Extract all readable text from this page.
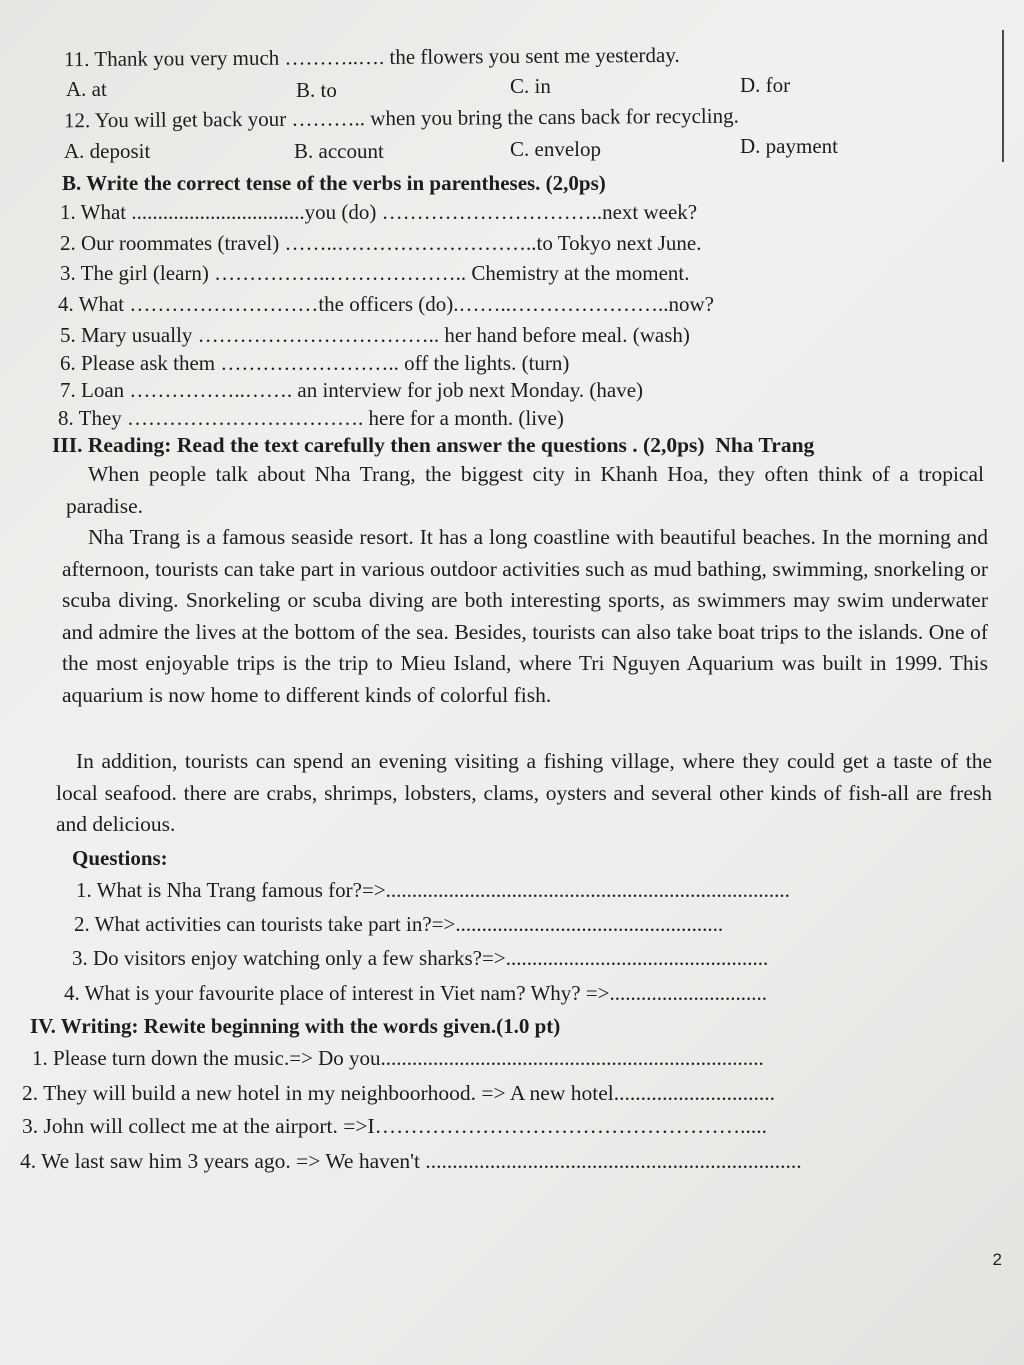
11. Thank you very much ………..…. the flowers you sent me yesterday.
A. at	B. to	C. in	D. for
12. You will get back your ……….. when you bring the cans back for recycling.
A. deposit	B. account	C. envelop	D. payment
B. Write the correct tense of the verbs in parentheses. (2,0ps)
1. What .................................you (do) …………………………..next week?
2. Our roommates (travel) ……..………………………..to Tokyo next June.
3. The girl (learn) ……………..……………….. Chemistry at the moment.
4. What ………………………the officers (do).……..…………………..now?
5. Mary usually …………………………….. her hand before meal. (wash)
6. Please ask them …………………….. off the lights. (turn)
7. Loan ……………..……. an interview for job next Monday. (have)
8. They ……………………………. here for a month. (live)
III. Reading: Read the text carefully then answer the questions . (2,0ps) Nha Trang

When people talk about Nha Trang, the biggest city in Khanh Hoa, they often think of a tropical paradise.

Nha Trang is a famous seaside resort. It has a long coastline with beautiful beaches. In the morning and afternoon, tourists can take part in various outdoor activities such as mud bathing, swimming, snorkeling or scuba diving. Snorkeling or scuba diving are both interesting sports, as swimmers may swim underwater and admire the lives at the bottom of the sea. Besides, tourists can also take boat trips to the islands. One of the most enjoyable trips is the trip to Mieu Island, where Tri Nguyen Aquarium was built in 1999. This aquarium is now home to different kinds of colorful fish.

In addition, tourists can spend an evening visiting a fishing village, where they could get a taste of the local seafood. there are crabs, shrimps, lobsters, clams, oysters and several other kinds of fish-all are fresh and delicious.

Questions:
1. What is Nha Trang famous for?=>.............................................................................
2. What activities can tourists take part in?=>...................................................
3. Do visitors enjoy watching only a few sharks?=>..................................................
4. What is your favourite place of interest in Viet nam? Why? =>..............................
IV. Writing: Rewite beginning with the words given.(1.0 pt)
1. Please turn down the music.=> Do you.........................................................................
2. They will build a new hotel in my neighboorhood. => A new hotel..............................
3. John will collect me at the airport. =>I…………………………………………….....
4. We last saw him 3 years ago. => We haven't ......................................................................
2
